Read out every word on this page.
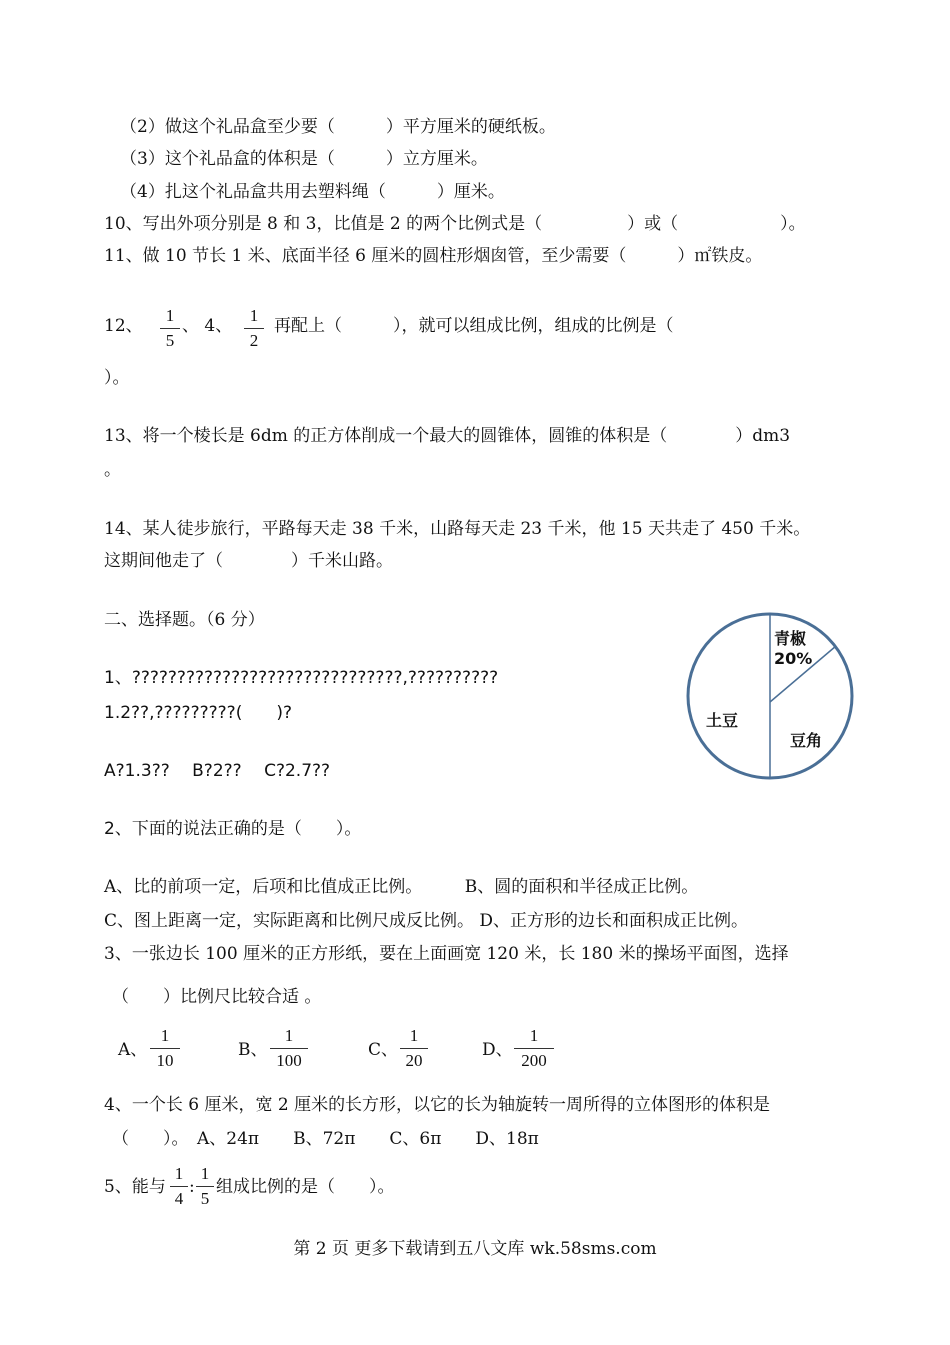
（2）做这个礼品盒至少要（　　　）平方厘米的硬纸板。
（3）这个礼品盒的体积是（　　　）立方厘米。
（4）扎这个礼品盒共用去塑料绳（　　　）厘米。
10、写出外项分别是 8 和 3，比值是 2 的两个比例式是（　　　　　）或（　　　　　　）。
11、做 10 节长 1 米、底面半径 6 厘米的圆柱形烟囱管，至少需要（　　　）㎡铁皮。
12、
1
5
、 4、
1
2
再配上（　　　），就可以组成比例，组成的比例是（
）。
13、将一个棱长是 6dm 的正方体削成一个最大的圆锥体，圆锥的体积是（　　　　）dm3
。
14、某人徒步旅行，平路每天走 38 千米，山路每天走 23 千米，他 15 天共走了 450 千米。
这期间他走了（　　　　）千米山路。
二、选择题。（6 分）
1、??????????????????????????????,??????????
1.2??,?????????(　　)?
A?1.3??　 B?2??　 C?2.7??
青椒
20%
土豆
豆角
2、下面的说法正确的是（　　）。
A、比的前项一定，后项和比值成正比例。　　　B、圆的面积和半径成正比例。
C、图上距离一定，实际距离和比例尺成反比例。 D、正方形的边长和面积成正比例。
3、一张边长 100 厘米的正方形纸，要在上面画宽 120 米，长 180 米的操场平面图，选择
（　　）比例尺比较合适 。
A、
1
10
B、
1
100
C、
1
20
D、
1
200
4、一个长 6 厘米，宽 2 厘米的长方形，以它的长为轴旋转一周所得的立体图形的体积是
（　　）。　A、24π　　B、72π　　C、6π　　D、18π
5、能与
1
4
:
1
5
组成比例的是（　　）。
第 2 页 更多下载请到五八文库 wk.58sms.com
